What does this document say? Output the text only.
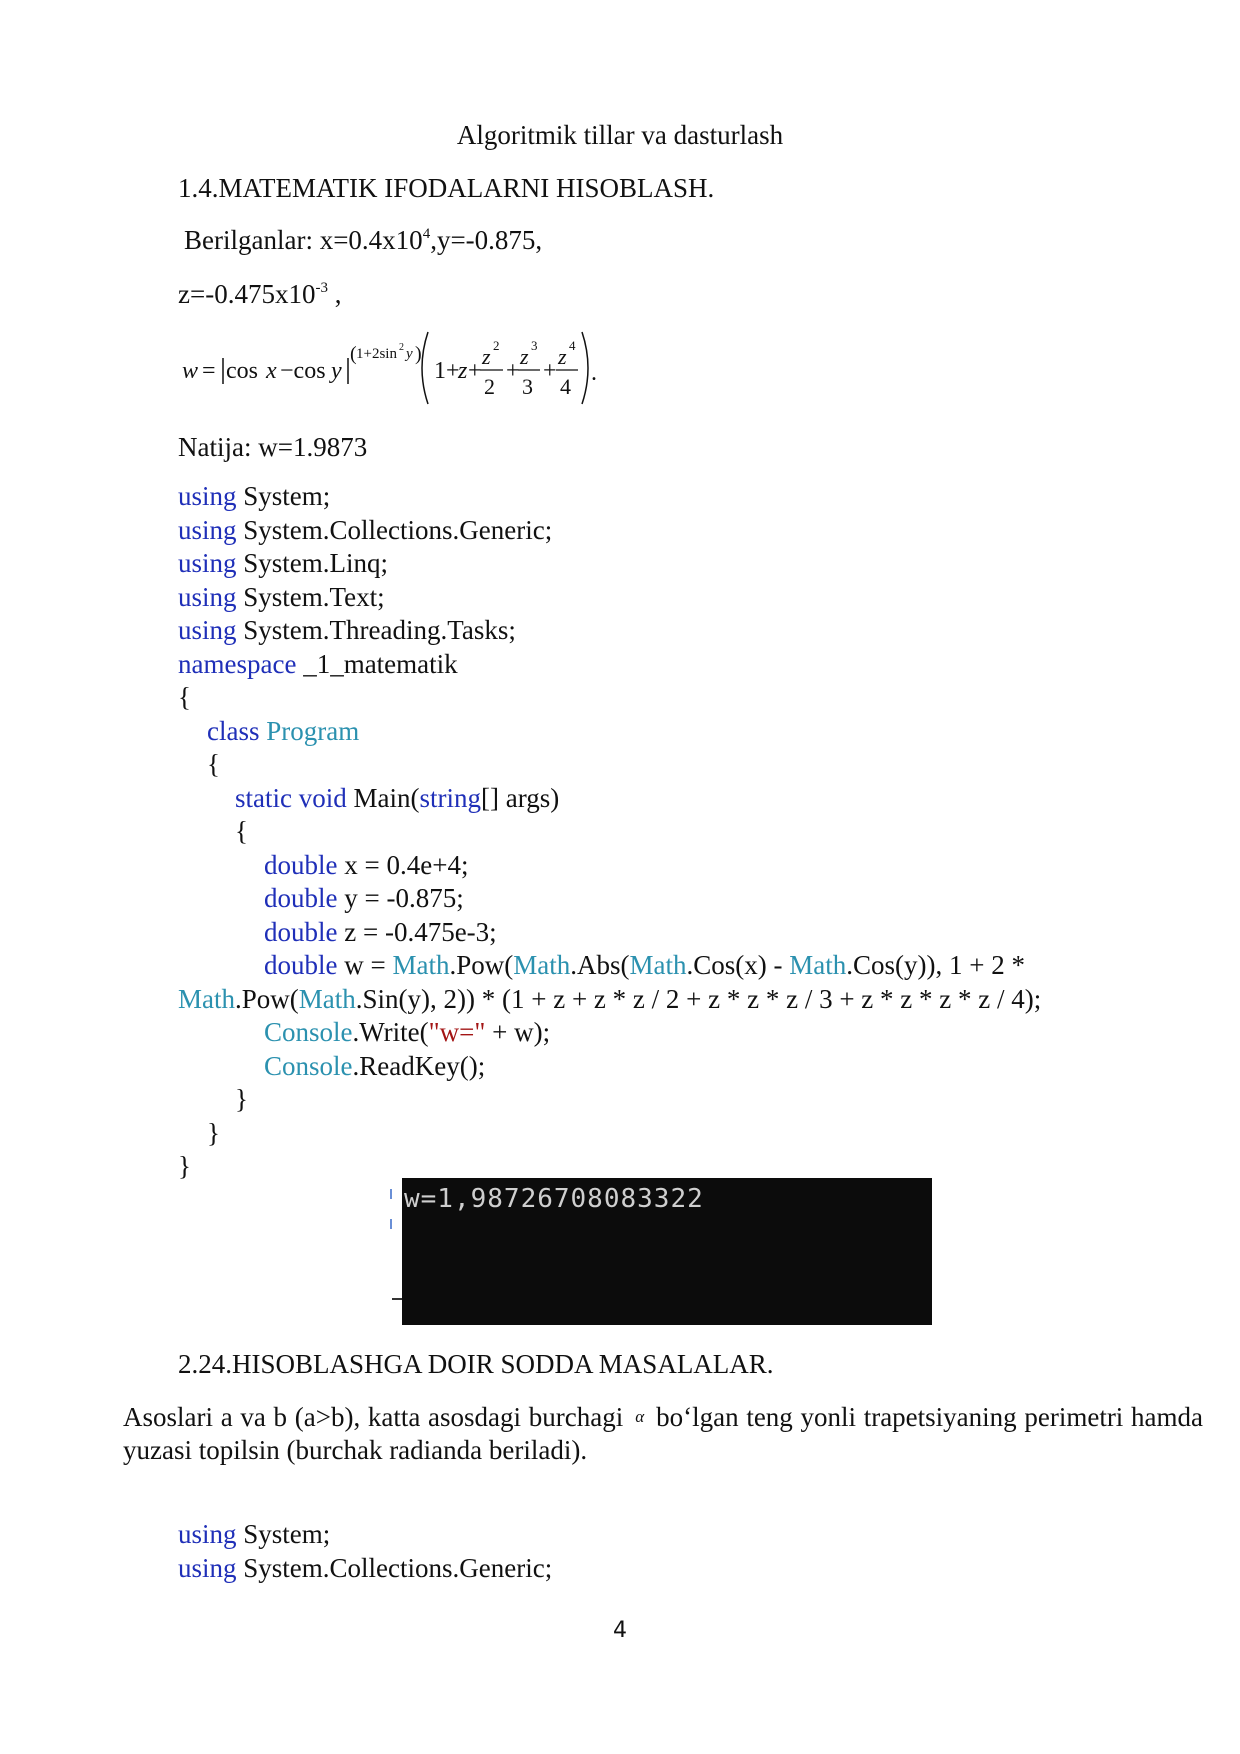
Algoritmik tillar va dasturlash
1.4.MATEMATIK IFODALARNI HISOBLASH.
Berilganlar: $x=0.4x10^4,y=-0.875$,
$z=-0.475x10^{-3}$ ,
w = cos x −cos y
( 1+2sin 2 y )
1+
z +
z 2
2
+
z 3
3
+
z 4
4
.
Natija: w=1.9873
using System;
using System.Collections.Generic;
using System.Linq;
using System.Text;
using System.Threading.Tasks;
namespace _1_matematik
{
class Program
{
static void Main(string[] args)
{
double x = 0.4e+4;
double y = -0.875;
double z = -0.475e-3;
double w = Math.Pow(Math.Abs(Math.Cos(x) - Math.Cos(y)), 1 + 2 *
Math.Pow(Math.Sin(y), 2)) * (1 + z + z * z / 2 + z * z * z / 3 + z * z * z * z / 4);
Console.Write("w=" + w);
Console.ReadKey();
}
}
}
w=1,98726708083322
2.24.HISOBLASHGA DOIR SODDA MASALALAR.
Asoslari a va b (a>b), katta asosdagi burchagi α bo‘lgan teng yonli trapetsiyaning perimetri hamda yuzasi topilsin (burchak radianda beriladi).
using System;
using System.Collections.Generic;
4
